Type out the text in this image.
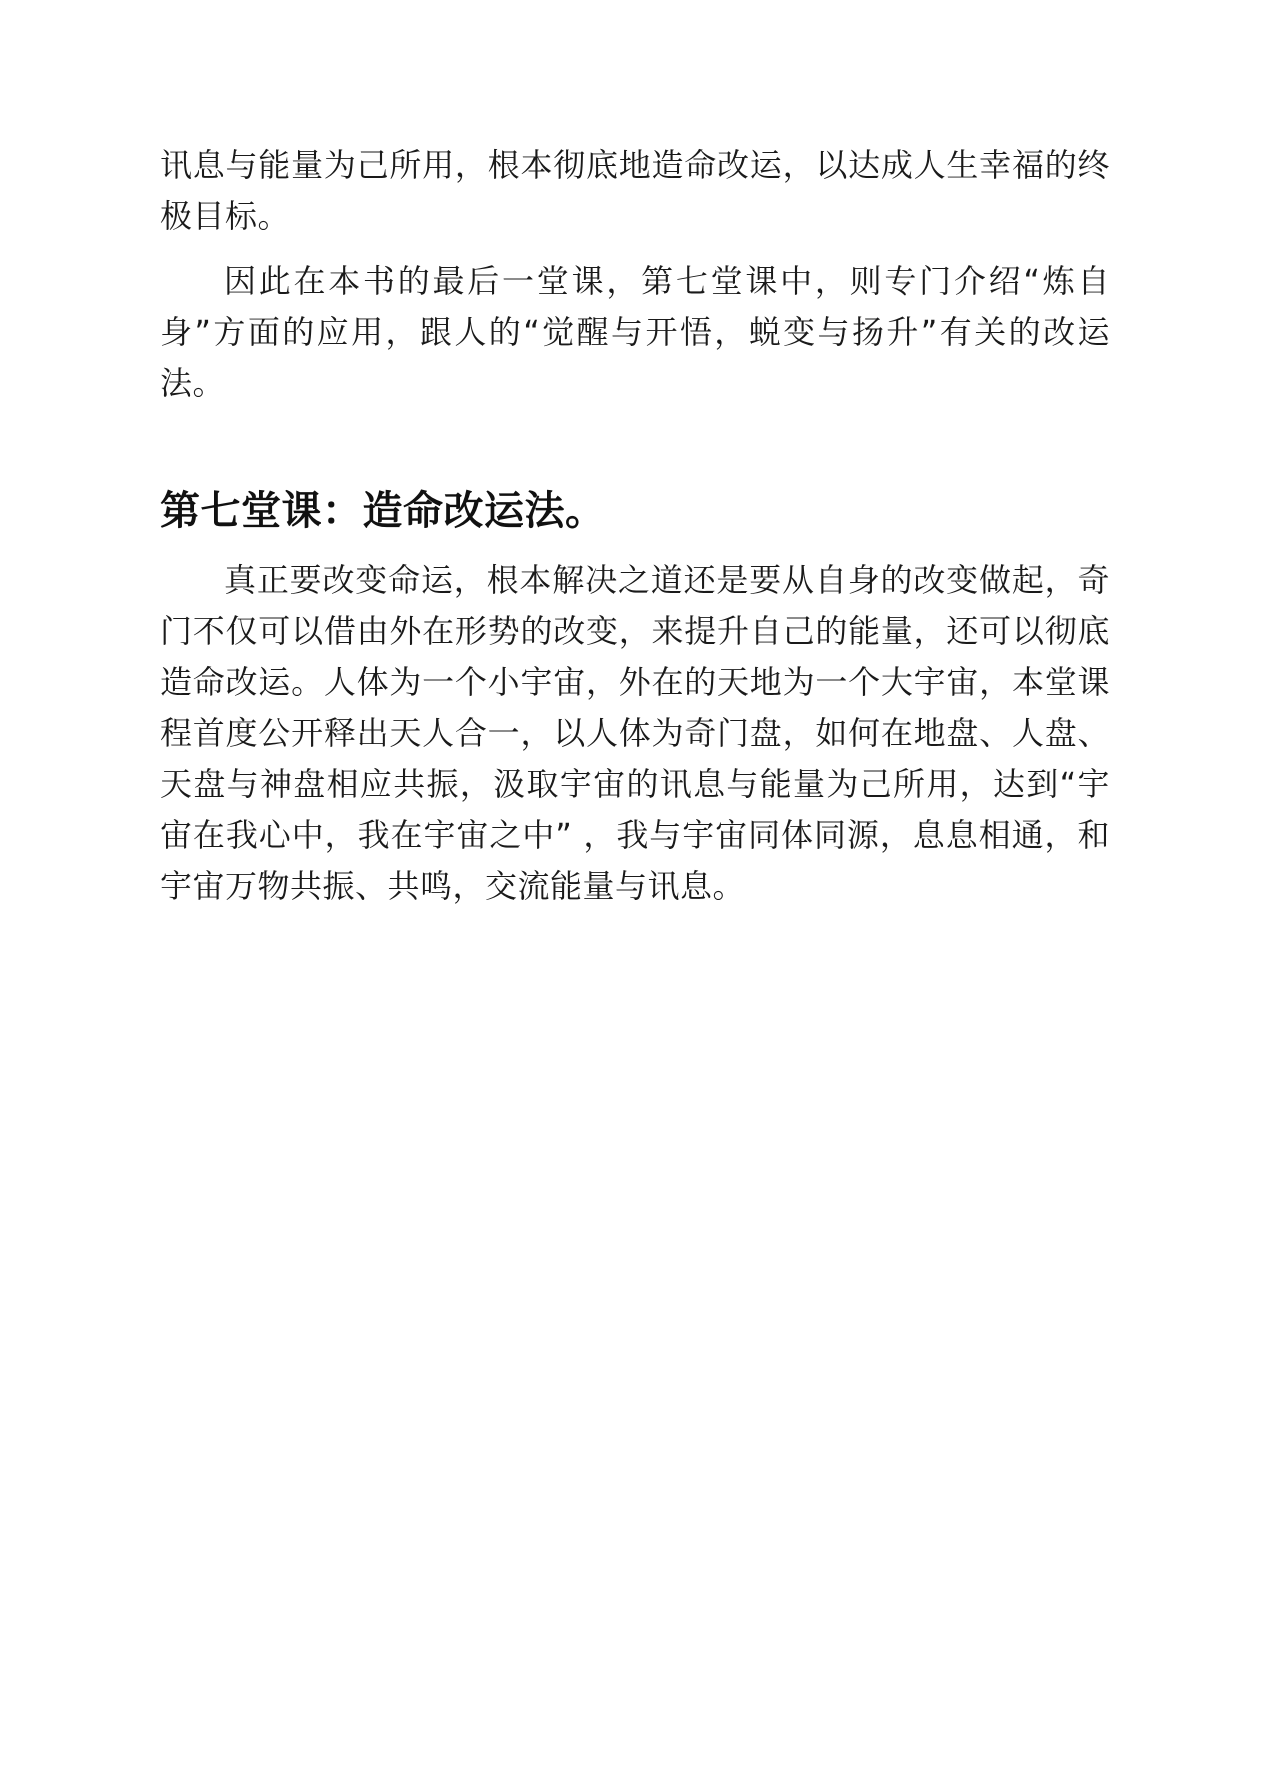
讯息与能量为己所用，根本彻底地造命改运，以达成人生幸福的终极目标。

因此在本书的最后一堂课，第七堂课中，则专门介绍“炼自身”方面的应用，跟人的“觉醒与开悟，蜕变与扬升”有关的改运法。

第七堂课：造命改运法。

真正要改变命运，根本解决之道还是要从自身的改变做起，奇门不仅可以借由外在形势的改变，来提升自己的能量，还可以彻底造命改运。人体为一个小宇宙，外在的天地为一个大宇宙，本堂课程首度公开释出天人合一，以人体为奇门盘，如何在地盘、人盘、天盘与神盘相应共振，汲取宇宙的讯息与能量为己所用，达到“宇宙在我心中，我在宇宙之中” ，我与宇宙同体同源，息息相通，和宇宙万物共振、共鸣，交流能量与讯息。
